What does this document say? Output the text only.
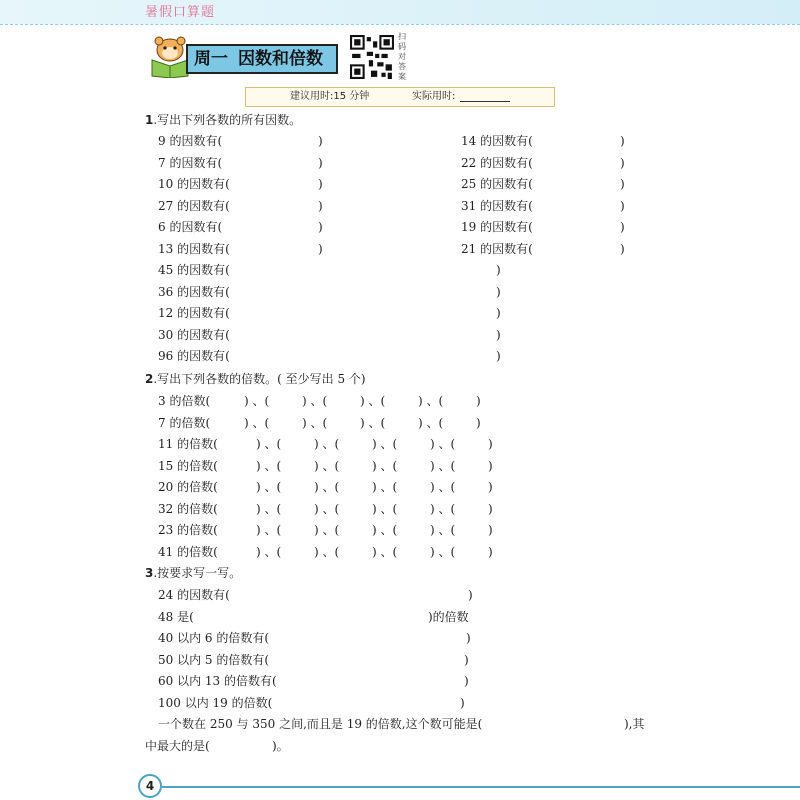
暑假口算题
周一 因数和倍数
扫码对答案
建议用时:15 分钟	实际用时:
1.写出下列各数的所有因数。
9 的因数有(	)
7 的因数有(	)
10 的因数有(	)
27 的因数有(	)
6 的因数有(	)
13 的因数有(	)
14 的因数有(	)
22 的因数有(	)
25 的因数有(	)
31 的因数有(	)
19 的因数有(	)
21 的因数有(	)
45 的因数有(	)
36 的因数有(	)
12 的因数有(	)
30 的因数有(	)
96 的因数有(	)
2.写出下列各数的倍数。( 至少写出 5 个)
3 的倍数(	) 、(	) 、(	) 、(	) 、(	)
7 的倍数(	) 、(	) 、(	) 、(	) 、(	)
11 的倍数(	) 、(	) 、(	) 、(	) 、(	)
15 的倍数(	) 、(	) 、(	) 、(	) 、(	)
20 的倍数(	) 、(	) 、(	) 、(	) 、(	)
32 的倍数(	) 、(	) 、(	) 、(	) 、(	)
23 的倍数(	) 、(	) 、(	) 、(	) 、(	)
41 的倍数(	) 、(	) 、(	) 、(	) 、(	)
3.按要求写一写。
24 的因数有(	)
48 是(	)的倍数
40 以内 6 的倍数有(	)
50 以内 5 的倍数有(	)
60 以内 13 的倍数有(	)
100 以内 19 的倍数(	)
一个数在 250 与 350 之间,而且是 19 的倍数,这个数可能是(	),其
中最大的是(	)。
4
